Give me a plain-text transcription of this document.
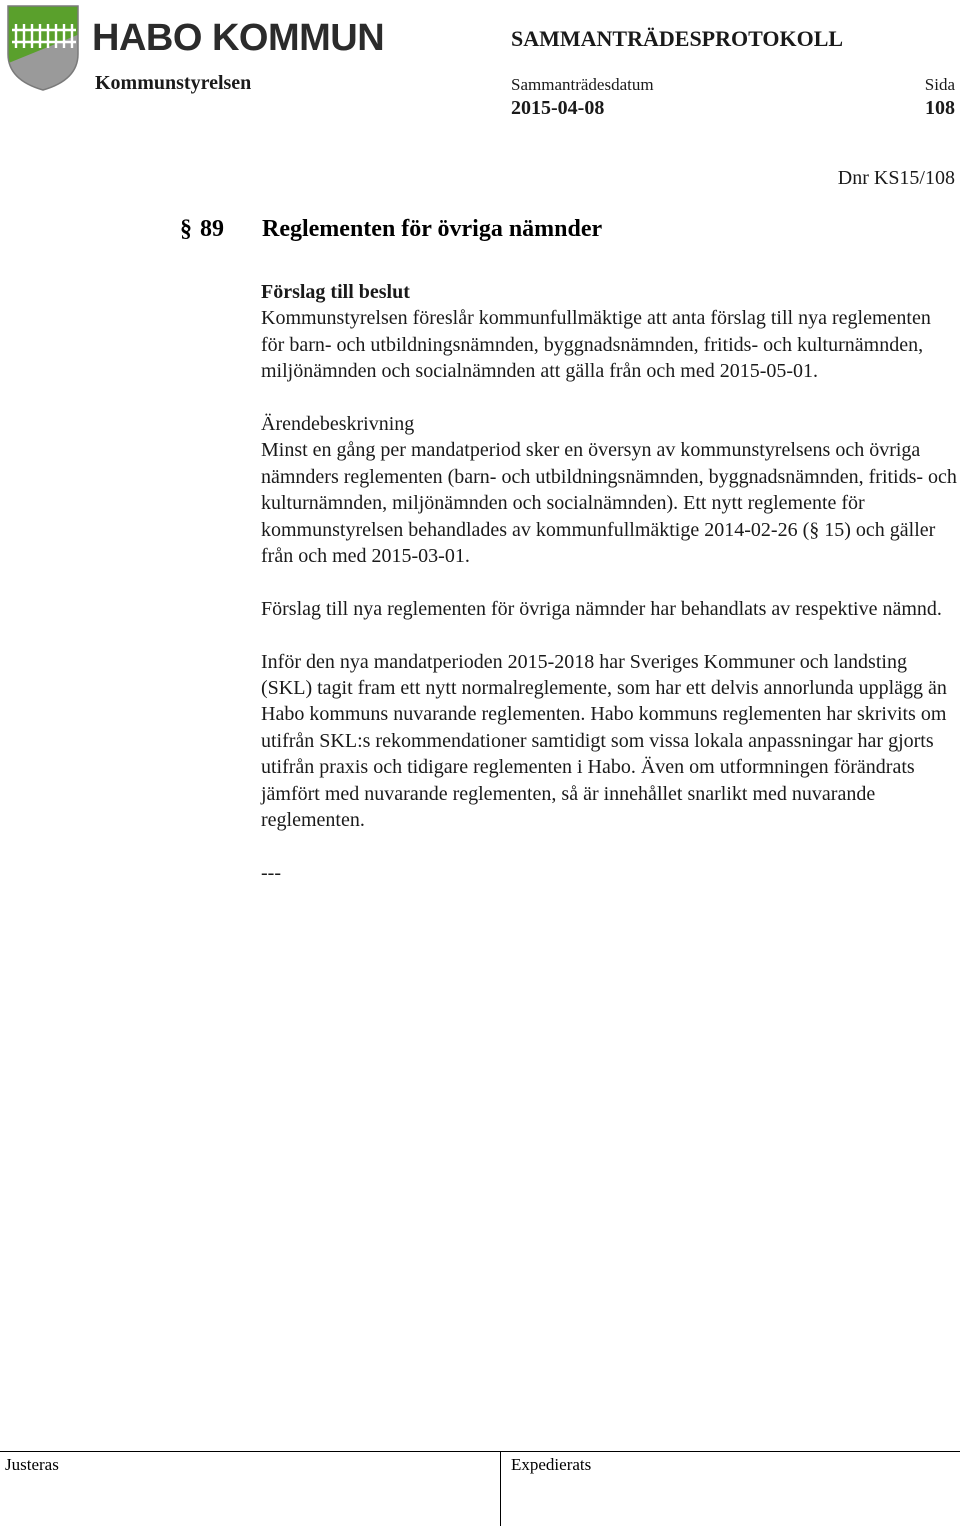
HABO KOMMUN
Kommunstyrelsen
SAMMANTRÄDESPROTOKOLL
Sammanträdesdatum	Sida
2015-04-08	108
Dnr KS15/108
§ 89 Reglementen för övriga nämnder

Förslag till beslut

Kommunstyrelsen föreslår kommunfullmäktige att anta förslag till nya reglementen för barn- och utbildningsnämnden, byggnadsnämnden, fritids- och kulturnämnden, miljönämnden och socialnämnden att gälla från och med 2015-05-01.

Ärendebeskrivning

Minst en gång per mandatperiod sker en översyn av kommunstyrelsens och övriga nämnders reglementen (barn- och utbildningsnämnden, byggnadsnämnden, fritids- och kulturnämnden, miljönämnden och socialnämnden). Ett nytt reglemente för kommunstyrelsen behandlades av kommunfullmäktige 2014-02-26 (§ 15) och gäller från och med 2015-03-01.

Förslag till nya reglementen för övriga nämnder har behandlats av respektive nämnd.

Inför den nya mandatperioden 2015-2018 har Sveriges Kommuner och landsting (SKL) tagit fram ett nytt normalreglemente, som har ett delvis annorlunda upplägg än Habo kommuns nuvarande reglementen. Habo kommuns reglementen har skrivits om utifrån SKL:s rekommendationer samtidigt som vissa lokala anpassningar har gjorts utifrån praxis och tidigare reglementen i Habo. Även om utformningen förändrats jämfört med nuvarande reglementen, så är innehållet snarlikt med nuvarande reglementen.

---

Justeras	Expedierats
